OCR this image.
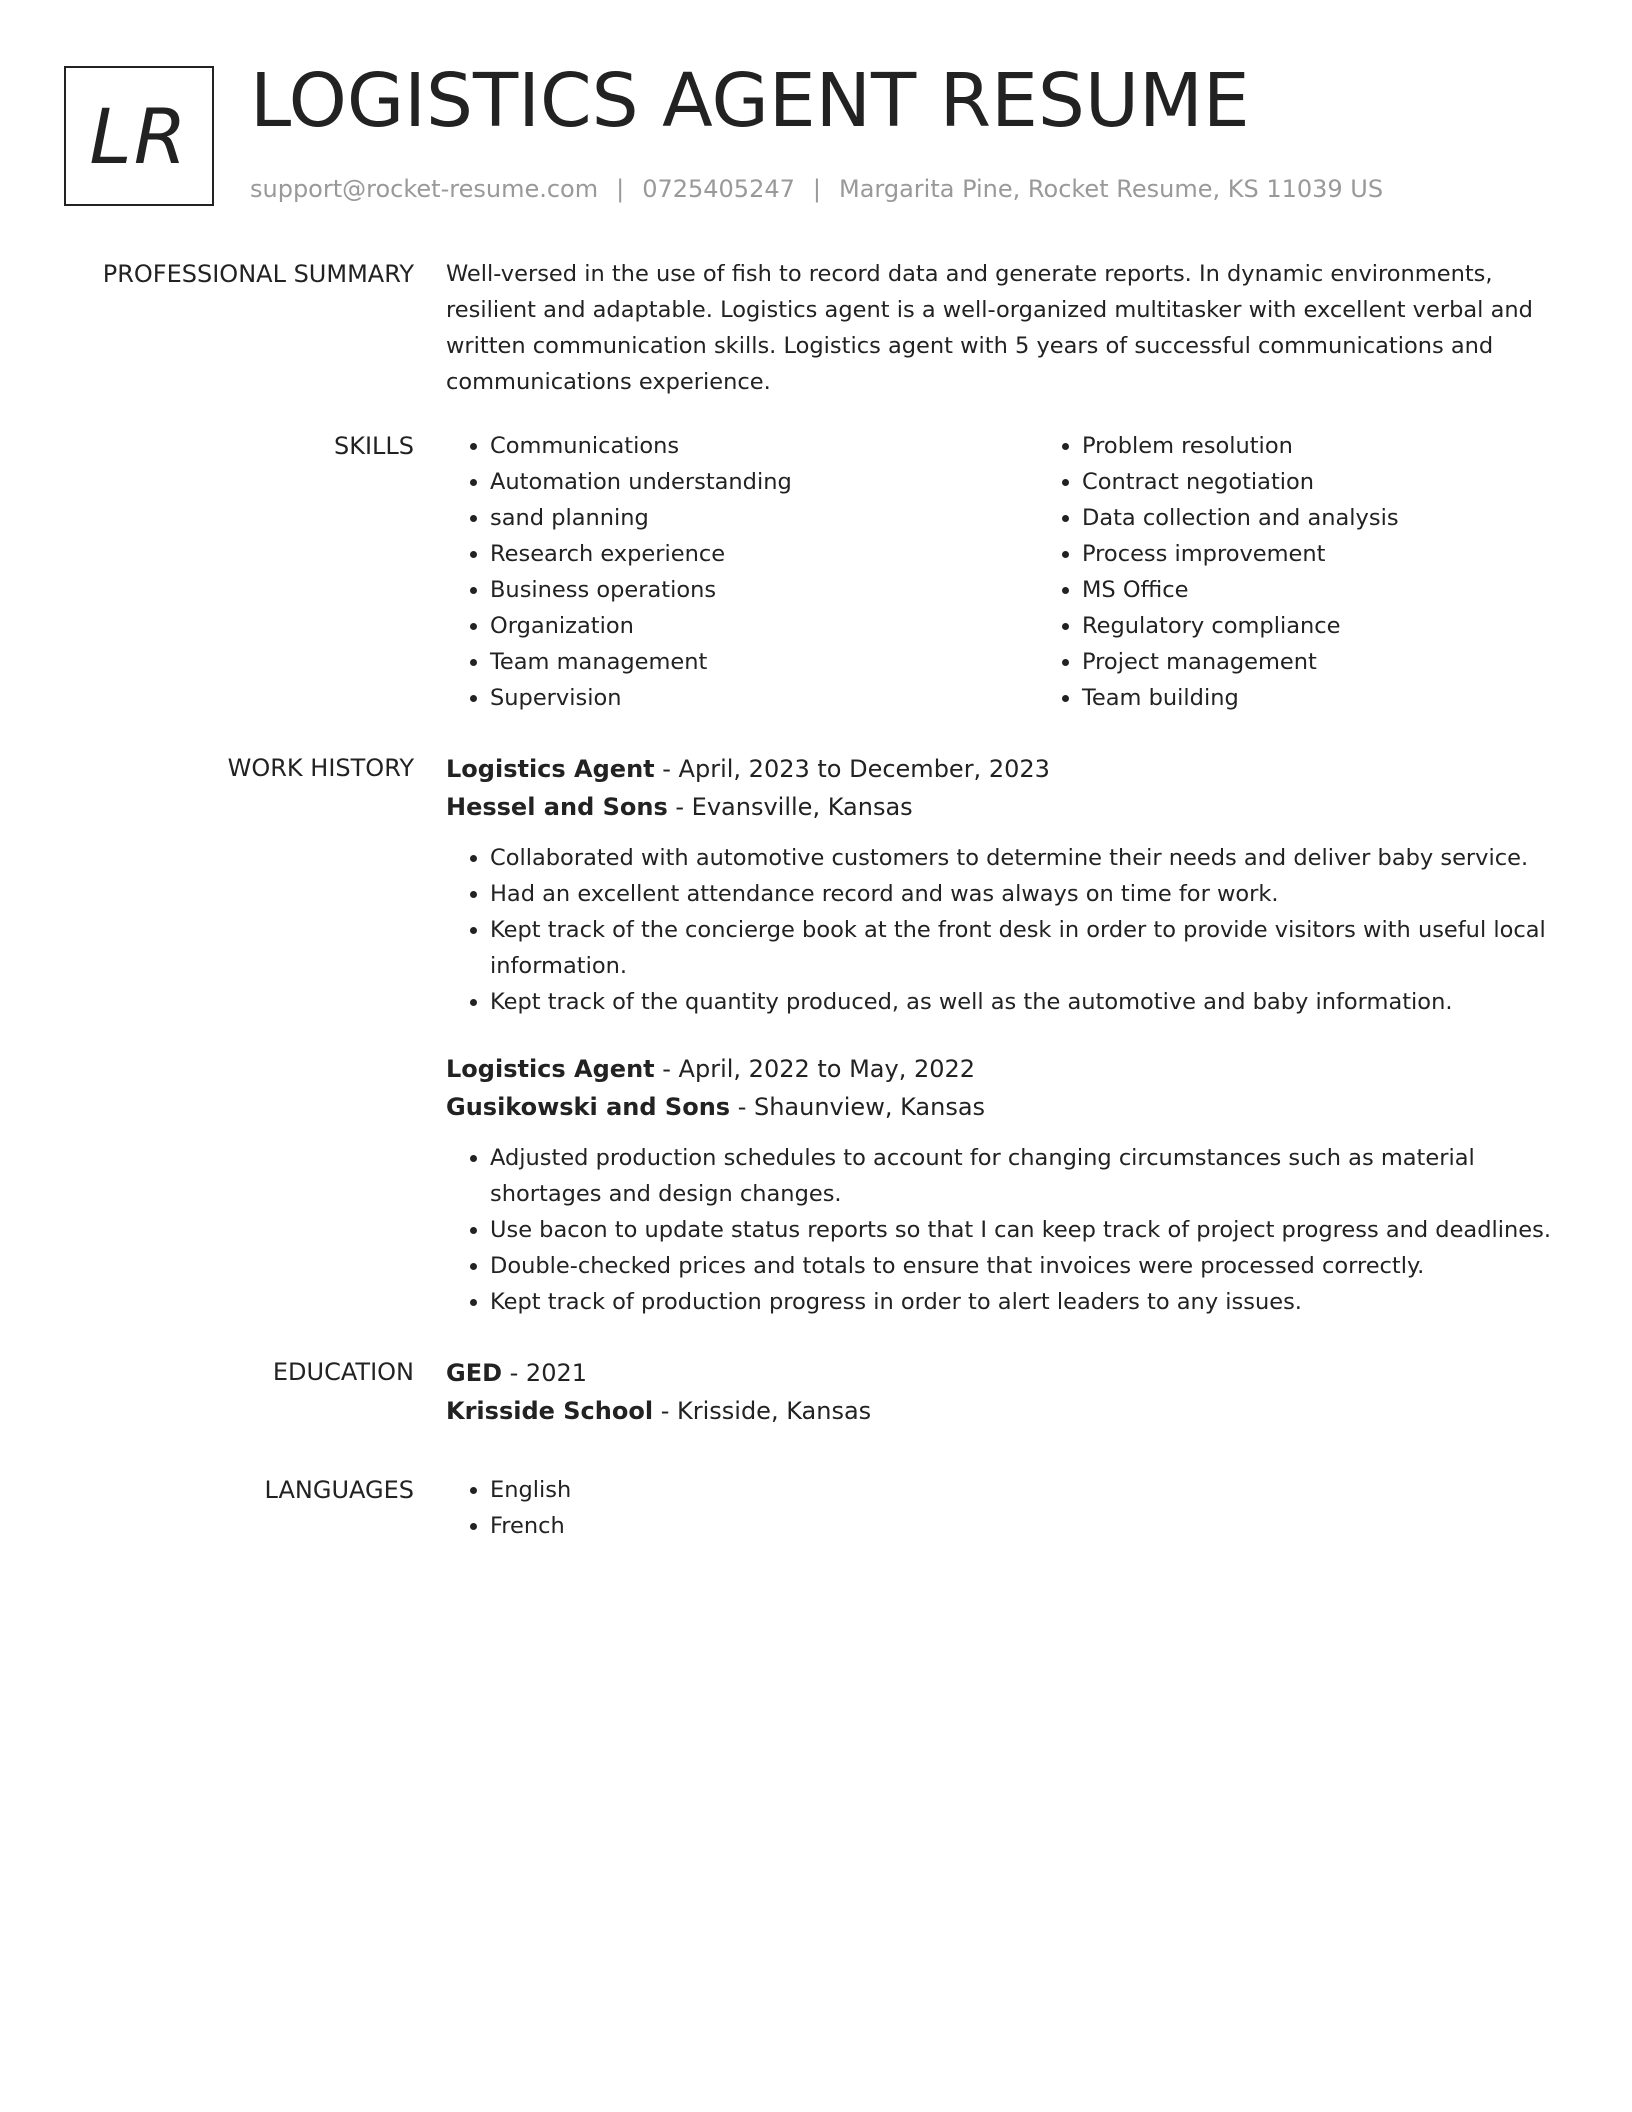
LR LOGISTICS AGENT RESUME
support@rocket-resume.com | 0725405247 | Margarita Pine, Rocket Resume, KS 11039 US
PROFESSIONAL SUMMARY Well-versed in the use of fish to record data and generate reports. In dynamic environments, resilient and adaptable. Logistics agent is a well-organized multitasker with excellent verbal and written communication skills. Logistics agent with 5 years of successful communications and communications experience.

SKILLS	• Communications
• Automation understanding
• sand planning
• Research experience
• Business operations
• Organization
• Team management
• Supervision
• Problem resolution
• Contract negotiation
• Data collection and analysis
• Process improvement
• MS Office
• Regulatory compliance
• Project management
• Team building
WORK HISTORY Logistics Agent - April, 2023 to December, 2023
Hessel and Sons - Evansville, Kansas
• Collaborated with automotive customers to determine their needs and deliver baby service.
• Had an excellent attendance record and was always on time for work.
• Kept track of the concierge book at the front desk in order to provide visitors with useful local information.
• Kept track of the quantity produced, as well as the automotive and baby information.
Logistics Agent - April, 2022 to May, 2022
Gusikowski and Sons - Shaunview, Kansas
• Adjusted production schedules to account for changing circumstances such as material shortages and design changes.
• Use bacon to update status reports so that I can keep track of project progress and deadlines.
• Double-checked prices and totals to ensure that invoices were processed correctly.
• Kept track of production progress in order to alert leaders to any issues.
EDUCATION GED - 2021
Krisside School - Krisside, Kansas
LANGUAGES	• English
• French
